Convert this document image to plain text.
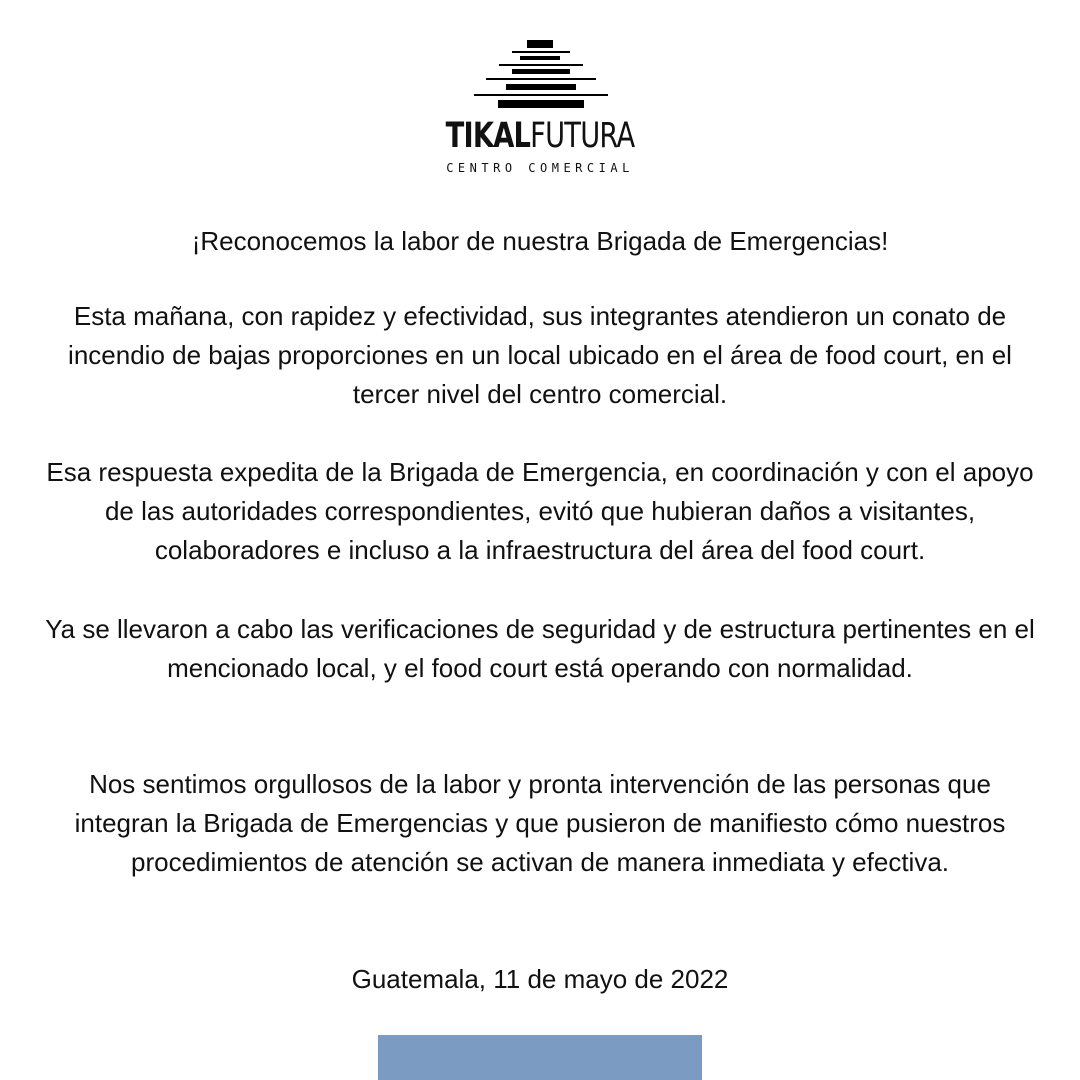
TIKALFUTURA
CENTRO COMERCIAL

¡Reconocemos la labor de nuestra Brigada de Emergencias!

Esta mañana, con rapidez y efectividad, sus integrantes atendieron un conato de incendio de bajas proporciones en un local ubicado en el área de food court, en el tercer nivel del centro comercial.

Esa respuesta expedita de la Brigada de Emergencia, en coordinación y con el apoyo de las autoridades correspondientes, evitó que hubieran daños a visitantes, colaboradores e incluso a la infraestructura del área del food court.

Ya se llevaron a cabo las verificaciones de seguridad y de estructura pertinentes en el mencionado local, y el food court está operando con normalidad.

Nos sentimos orgullosos de la labor y pronta intervención de las personas que integran la Brigada de Emergencias y que pusieron de manifiesto cómo nuestros procedimientos de atención se activan de manera inmediata y efectiva.

Guatemala, 11 de mayo de 2022
